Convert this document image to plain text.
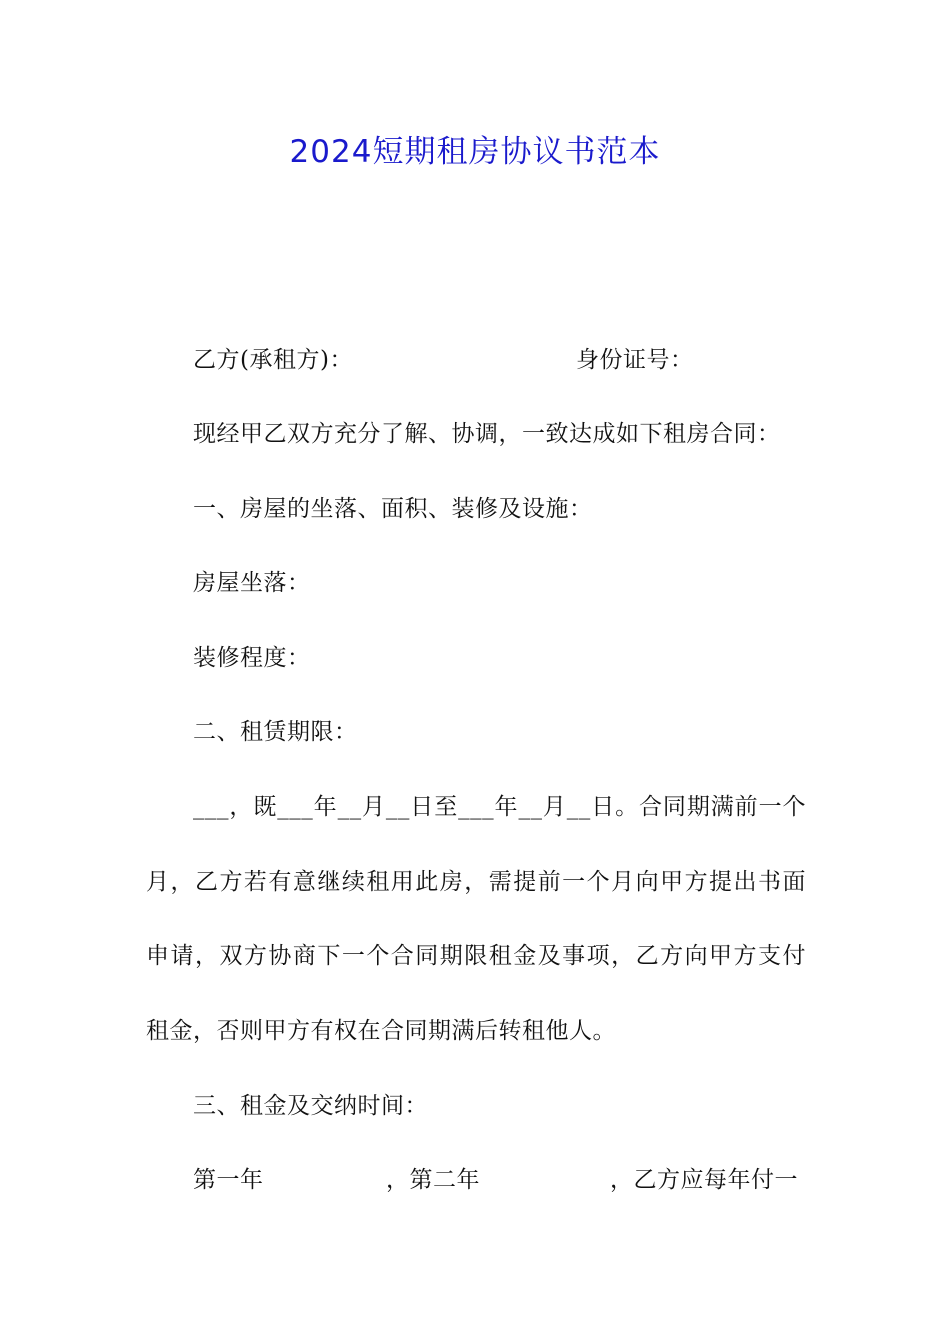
2024短期租房协议书范本
乙方(承租方)：	身份证号：
现经甲乙双方充分了解、协调，一致达成如下租房合同：
一、房屋的坐落、面积、装修及设施：
房屋坐落：
装修程度：
二、租赁期限：
___，既___年__月__日至___年__月__日。合同期满前一个
月，乙方若有意继续租用此房，需提前一个月向甲方提出书面
申请，双方协商下一个合同期限租金及事项，乙方向甲方支付
租金，否则甲方有权在合同期满后转租他人。
三、租金及交纳时间：
第一年	，第二年	，乙方应每年付一
